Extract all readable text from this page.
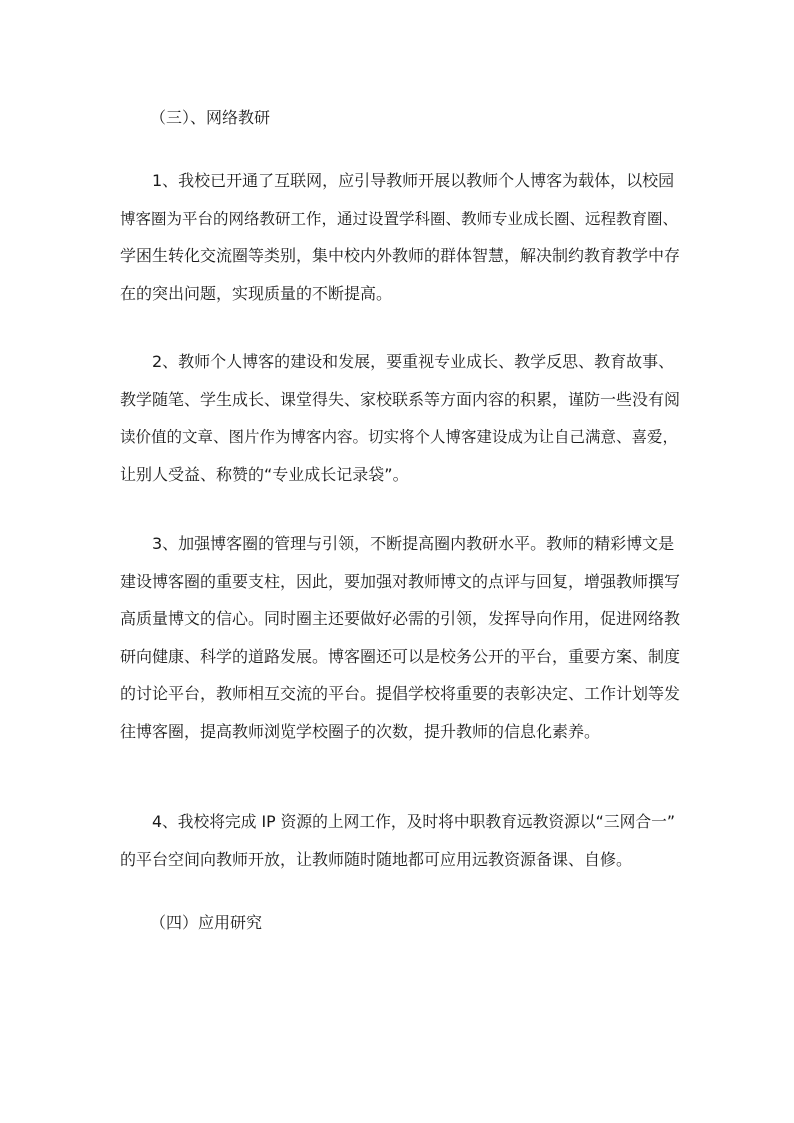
（三）、网络教研
1、我校已开通了互联网，应引导教师开展以教师个人博客为载体，以校园
博客圈为平台的网络教研工作，通过设置学科圈、教师专业成长圈、远程教育圈、
学困生转化交流圈等类别，集中校内外教师的群体智慧，解决制约教育教学中存
在的突出问题，实现质量的不断提高。
2、教师个人博客的建设和发展，要重视专业成长、教学反思、教育故事、
教学随笔、学生成长、课堂得失、家校联系等方面内容的积累，谨防一些没有阅
读价值的文章、图片作为博客内容。切实将个人博客建设成为让自己满意、喜爱，
让别人受益、称赞的“专业成长记录袋”。
3、加强博客圈的管理与引领，不断提高圈内教研水平。教师的精彩博文是
建设博客圈的重要支柱，因此，要加强对教师博文的点评与回复，增强教师撰写
高质量博文的信心。同时圈主还要做好必需的引领，发挥导向作用，促进网络教
研向健康、科学的道路发展。博客圈还可以是校务公开的平台，重要方案、制度
的讨论平台，教师相互交流的平台。提倡学校将重要的表彰决定、工作计划等发
往博客圈，提高教师浏览学校圈子的次数，提升教师的信息化素养。
4、我校将完成 IP 资源的上网工作，及时将中职教育远教资源以“三网合一”
的平台空间向教师开放，让教师随时随地都可应用远教资源备课、自修。
（四）应用研究
